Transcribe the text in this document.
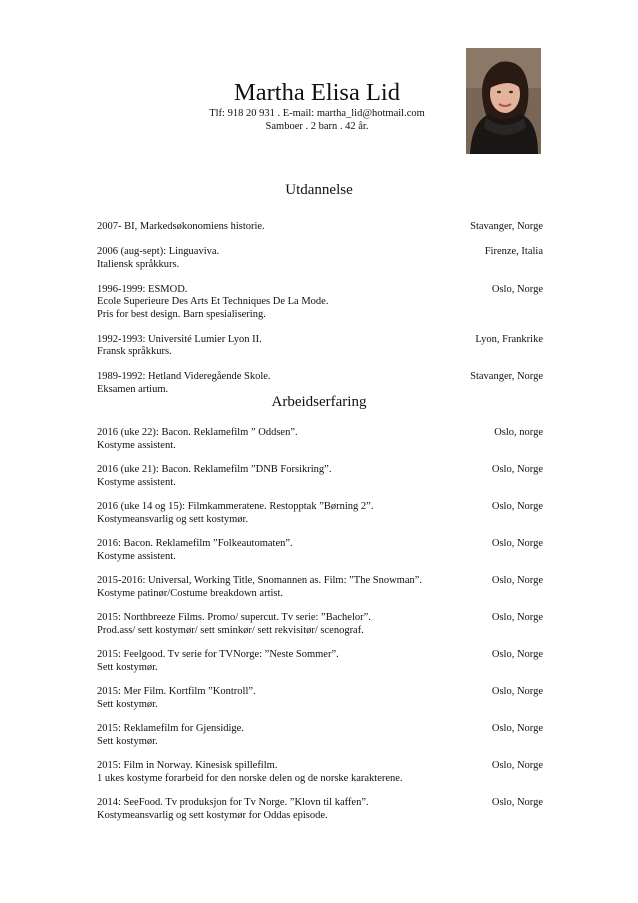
Martha Elisa Lid
Tlf: 918 20 931 . E-mail: martha_lid@hotmail.com
Samboer . 2 barn . 42 år.
Utdannelse
2007- BI, Markedsøkonomiens historie.	Stavanger, Norge
2006 (aug-sept): Linguaviva.	Firenze, Italia
Italiensk språkkurs.
1996-1999: ESMOD.	Oslo, Norge
Ecole Superieure Des Arts Et Techniques De La Mode.
Pris for best design. Barn spesialisering.
1992-1993: Université Lumier Lyon II.	Lyon, Frankrike
Fransk språkkurs.
1989-1992: Hetland Videregående Skole.	Stavanger, Norge
Eksamen artium.
Arbeidserfaring
2016 (uke 22): Bacon. Reklamefilm ” Oddsen”.	Oslo, norge
Kostyme assistent.
2016 (uke 21): Bacon. Reklamefilm ”DNB Forsikring”.	Oslo, Norge
Kostyme assistent.
2016 (uke 14 og 15): Filmkammeratene. Restopptak ”Børning 2”.	Oslo, Norge
Kostymeansvarlig og sett kostymør.
2016: Bacon. Reklamefilm ”Folkeautomaten”.	Oslo, Norge
Kostyme assistent.
2015-2016: Universal, Working Title, Snomannen as. Film: ”The Snowman”.	Oslo, Norge
Kostyme patinør/Costume breakdown artist.
2015: Northbreeze Films. Promo/ supercut. Tv serie: ”Bachelor”.	Oslo, Norge
Prod.ass/ sett kostymør/ sett sminkør/ sett rekvisitør/ scenograf.
2015: Feelgood. Tv serie for TVNorge: ”Neste Sommer”.	Oslo, Norge
Sett kostymør.
2015: Mer Film. Kortfilm ”Kontroll”.	Oslo, Norge
Sett kostymør.
2015: Reklamefilm for Gjensidige.	Oslo, Norge
Sett kostymør.
2015: Film in Norway. Kinesisk spillefilm.	Oslo, Norge
1 ukes kostyme forarbeid for den norske delen og de norske karakterene.
2014: SeeFood. Tv produksjon for Tv Norge. ”Klovn til kaffen”.	Oslo, Norge
Kostymeansvarlig og sett kostymør for Oddas episode.
